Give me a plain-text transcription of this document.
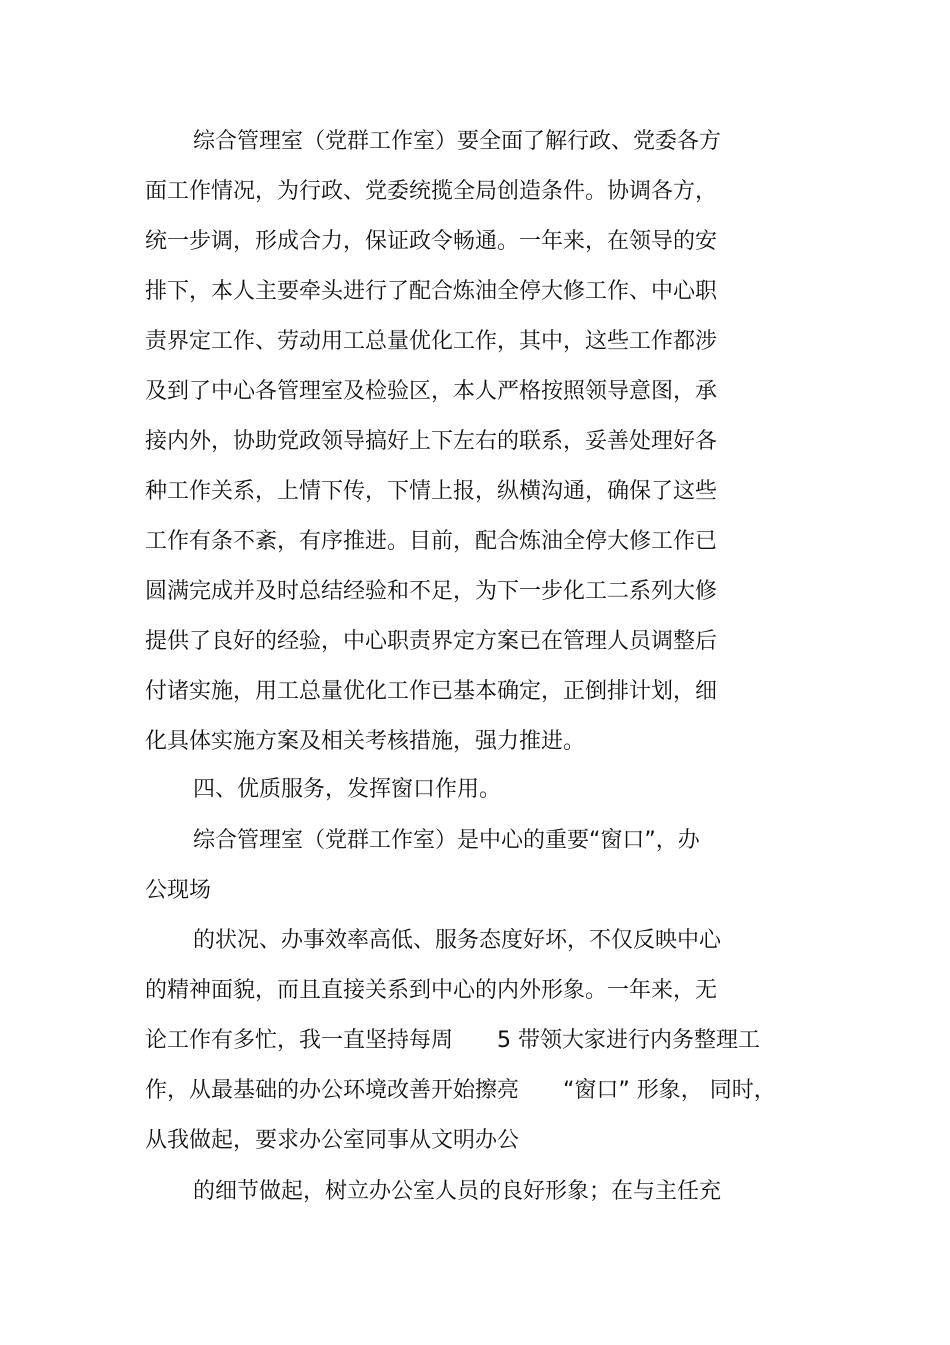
综合管理室（党群工作室）要全面了解行政、党委各方
面工作情况，为行政、党委统揽全局创造条件。协调各方，
统一步调，形成合力，保证政令畅通。一年来，在领导的安
排下，本人主要牵头进行了配合炼油全停大修工作、中心职
责界定工作、劳动用工总量优化工作，其中，这些工作都涉
及到了中心各管理室及检验区，本人严格按照领导意图，承
接内外，协助党政领导搞好上下左右的联系，妥善处理好各
种工作关系，上情下传，下情上报，纵横沟通，确保了这些
工作有条不紊，有序推进。目前，配合炼油全停大修工作已
圆满完成并及时总结经验和不足，为下一步化工二系列大修
提供了良好的经验，中心职责界定方案已在管理人员调整后
付诸实施，用工总量优化工作已基本确定，正倒排计划，细
化具体实施方案及相关考核措施，强力推进。
四、优质服务，发挥窗口作用。
综合管理室（党群工作室）是中心的重要“窗口”，办
公现场
的状况、办事效率高低、服务态度好坏，不仅反映中心
的精神面貌，而且直接关系到中心的内外形象。一年来，无
论工作有多忙，我一直坚持每周　　5 带领大家进行内务整理工
作，从最基础的办公环境改善开始擦亮　　“窗口” 形象， 同时，
从我做起，要求办公室同事从文明办公
的细节做起，树立办公室人员的良好形象；在与主任充
